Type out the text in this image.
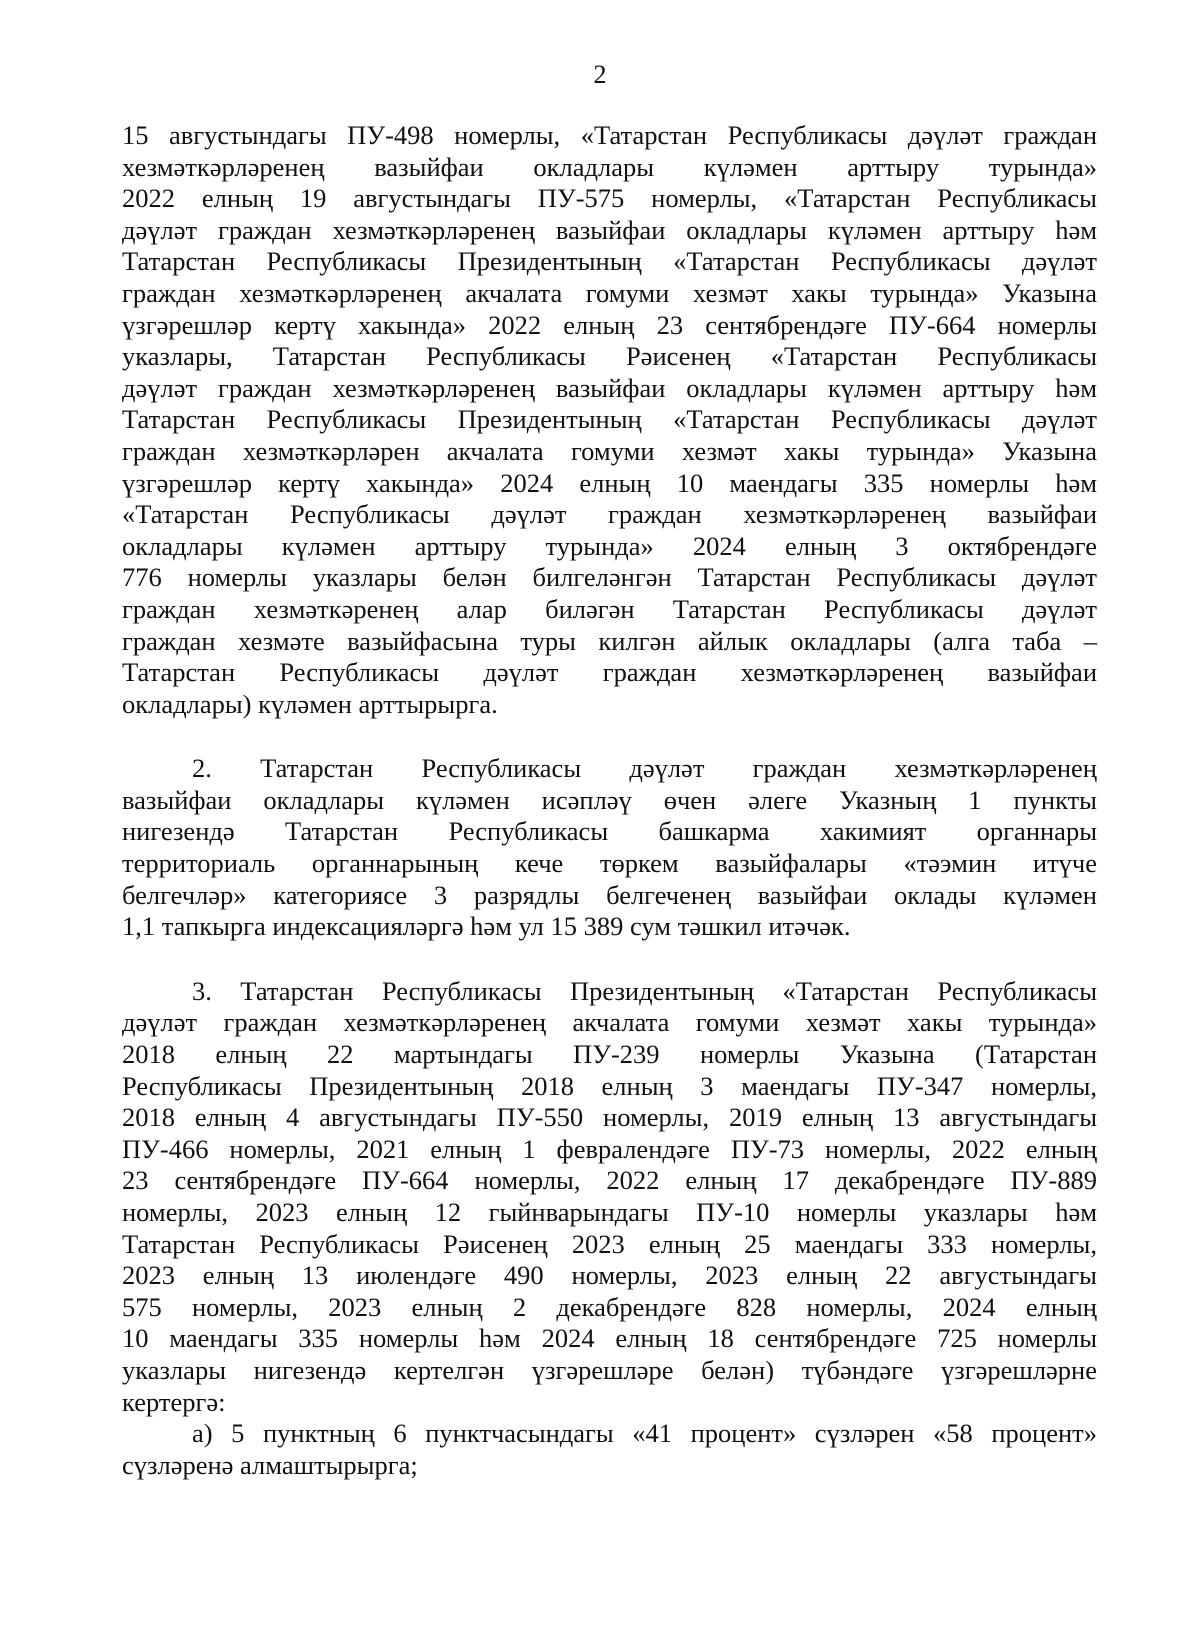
2
15 августындагы ПУ-498 номерлы, «Татарстан Республикасы дәүләт граждан
хезмәткәрләренең вазыйфаи окладлары күләмен арттыру турында»
2022 елның 19 августындагы ПУ-575 номерлы, «Татарстан Республикасы
дәүләт граждан хезмәткәрләренең вазыйфаи окладлары күләмен арттыру һәм
Татарстан Республикасы Президентының «Татарстан Республикасы дәүләт
граждан хезмәткәрләренең акчалата гомуми хезмәт хакы турында» Указына
үзгәрешләр кертү хакында» 2022 елның 23 сентябрендәге ПУ-664 номерлы
указлары, Татарстан Республикасы Рәисенең «Татарстан Республикасы
дәүләт граждан хезмәткәрләренең вазыйфаи окладлары күләмен арттыру һәм
Татарстан Республикасы Президентының «Татарстан Республикасы дәүләт
граждан хезмәткәрләрен акчалата гомуми хезмәт хакы турында» Указына
үзгәрешләр кертү хакында» 2024 елның 10 маендагы 335 номерлы һәм
«Татарстан Республикасы дәүләт граждан хезмәткәрләренең вазыйфаи
окладлары күләмен арттыру турында» 2024 елның 3 октябрендәге
776 номерлы указлары белән билгеләнгән Татарстан Республикасы дәүләт
граждан хезмәткәренең алар биләгән Татарстан Республикасы дәүләт
граждан хезмәте вазыйфасына туры килгән айлык окладлары (алга таба –
Татарстан Республикасы дәүләт граждан хезмәткәрләренең вазыйфаи
окладлары) күләмен арттырырга.
2. Татарстан Республикасы дәүләт граждан хезмәткәрләренең
вазыйфаи окладлары күләмен исәпләү өчен әлеге Указның 1 пункты
нигезендә Татарстан Республикасы башкарма хакимият органнары
территориаль органнарының кече төркем вазыйфалары «тәэмин итүче
белгечләр» категориясе 3 разрядлы белгеченең вазыйфаи оклады күләмен
1,1 тапкырга индексацияләргә һәм ул 15 389 сум тәшкил итәчәк.
3. Татарстан Республикасы Президентының «Татарстан Республикасы
дәүләт граждан хезмәткәрләренең акчалата гомуми хезмәт хакы турында»
2018 елның 22 мартындагы ПУ-239 номерлы Указына (Татарстан
Республикасы Президентының 2018 елның 3 маендагы ПУ-347 номерлы,
2018 елның 4 августындагы ПУ-550 номерлы, 2019 елның 13 августындагы
ПУ-466 номерлы, 2021 елның 1 февралендәге ПУ-73 номерлы, 2022 елның
23 сентябрендәге ПУ-664 номерлы, 2022 елның 17 декабрендәге ПУ-889
номерлы, 2023 елның 12 гыйнварындагы ПУ-10 номерлы указлары һәм
Татарстан Республикасы Рәисенең 2023 елның 25 маендагы 333 номерлы,
2023 елның 13 июлендәге 490 номерлы, 2023 елның 22 августындагы
575 номерлы, 2023 елның 2 декабрендәге 828 номерлы, 2024 елның
10 маендагы 335 номерлы һәм 2024 елның 18 сентябрендәге 725 номерлы
указлары нигезендә кертелгән үзгәрешләре белән) түбәндәге үзгәрешләрне
кертергә:
а) 5 пунктның 6 пунктчасындагы «41 процент» сүзләрен «58 процент»
сүзләренә алмаштырырга;
